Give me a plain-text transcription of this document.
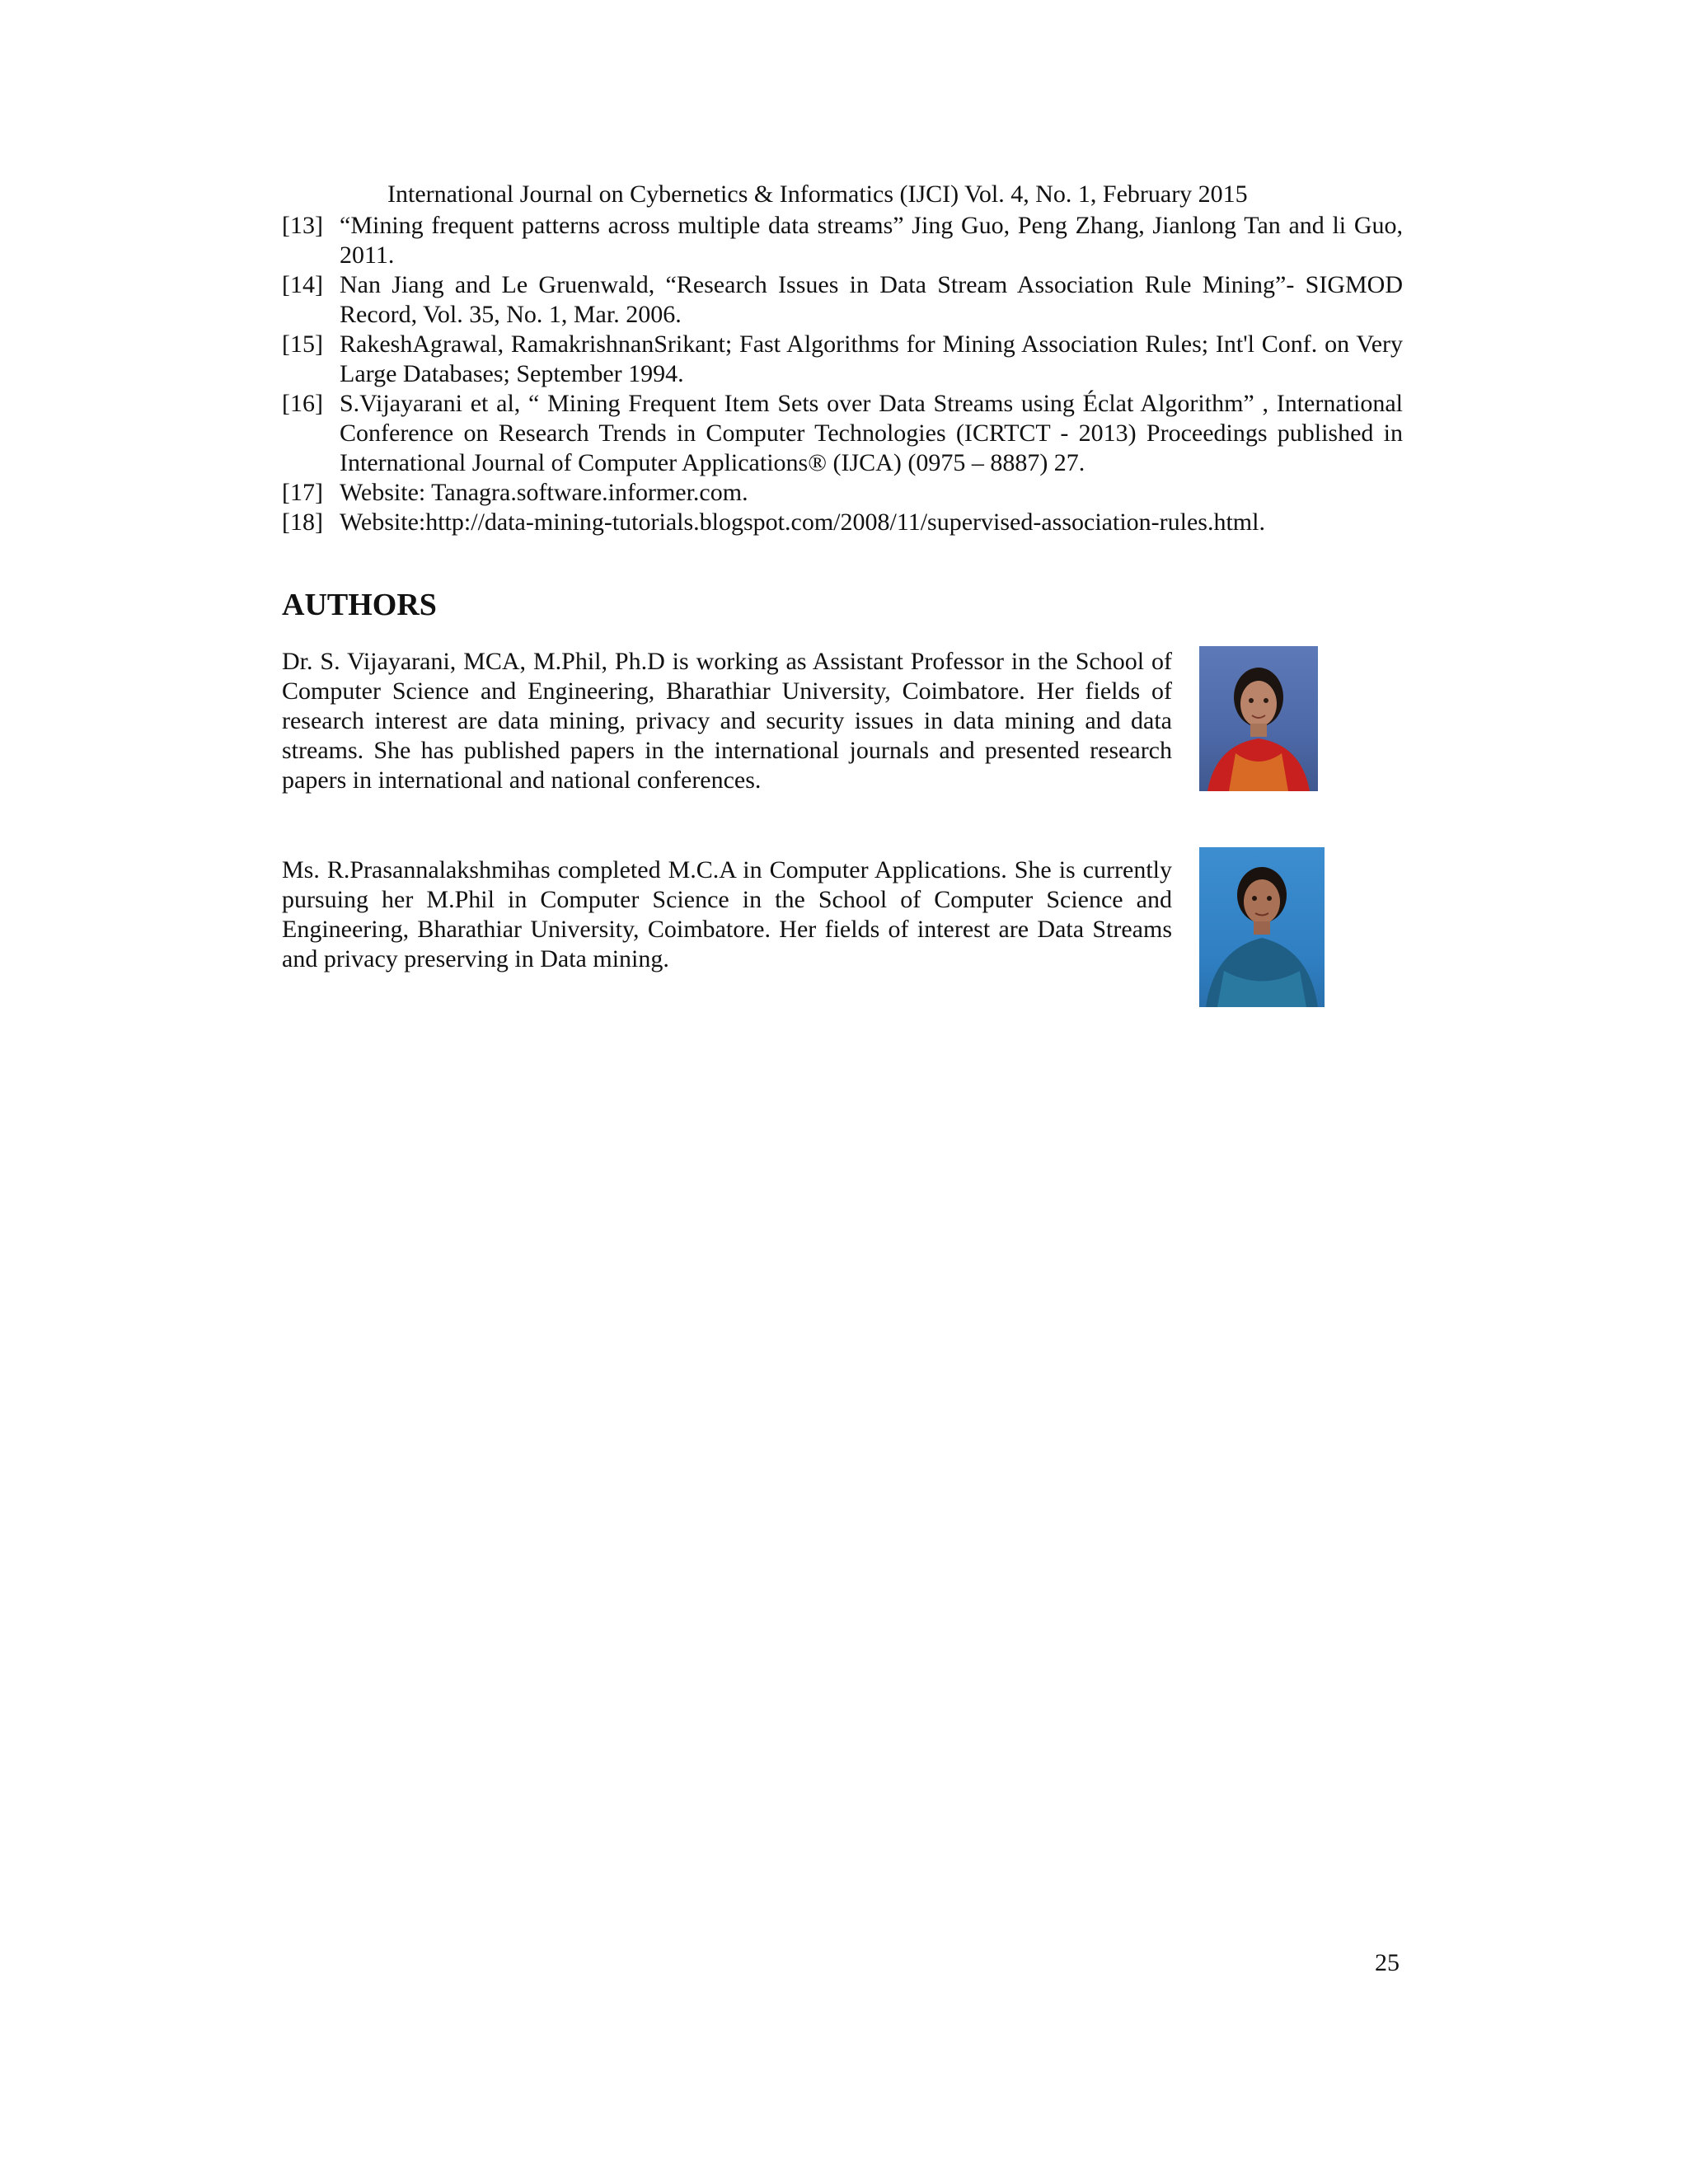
International Journal on Cybernetics & Informatics (IJCI) Vol. 4, No. 1, February 2015
[13] “Mining frequent patterns across multiple data streams” Jing Guo, Peng Zhang, Jianlong Tan and li Guo, 2011.
[14] Nan Jiang and Le Gruenwald, “Research Issues in Data Stream Association Rule Mining”- SIGMOD Record, Vol. 35, No. 1, Mar. 2006.
[15] RakeshAgrawal, RamakrishnanSrikant; Fast Algorithms for Mining Association Rules; Int'l Conf. on Very Large Databases; September 1994.
[16] S.Vijayarani et al, “ Mining Frequent Item Sets over Data Streams using Éclat Algorithm” , International Conference on Research Trends in Computer Technologies (ICRTCT - 2013) Proceedings published in International Journal of Computer Applications® (IJCA) (0975 – 8887) 27.
[17] Website: Tanagra.software.informer.com.
[18] Website:http://data-mining-tutorials.blogspot.com/2008/11/supervised-association-rules.html.
AUTHORS

Dr. S. Vijayarani, MCA, M.Phil, Ph.D is working as Assistant Professor in the School of Computer Science and Engineering, Bharathiar University, Coimbatore. Her fields of research interest are data mining, privacy and security issues in data mining and data streams. She has published papers in the international journals and presented research papers in international and national conferences.

Ms. R.Prasannalakshmihas completed M.C.A in Computer Applications. She is currently pursuing her M.Phil in Computer Science in the School of Computer Science and Engineering, Bharathiar University, Coimbatore. Her fields of interest are Data Streams and privacy preserving in Data mining.

25
